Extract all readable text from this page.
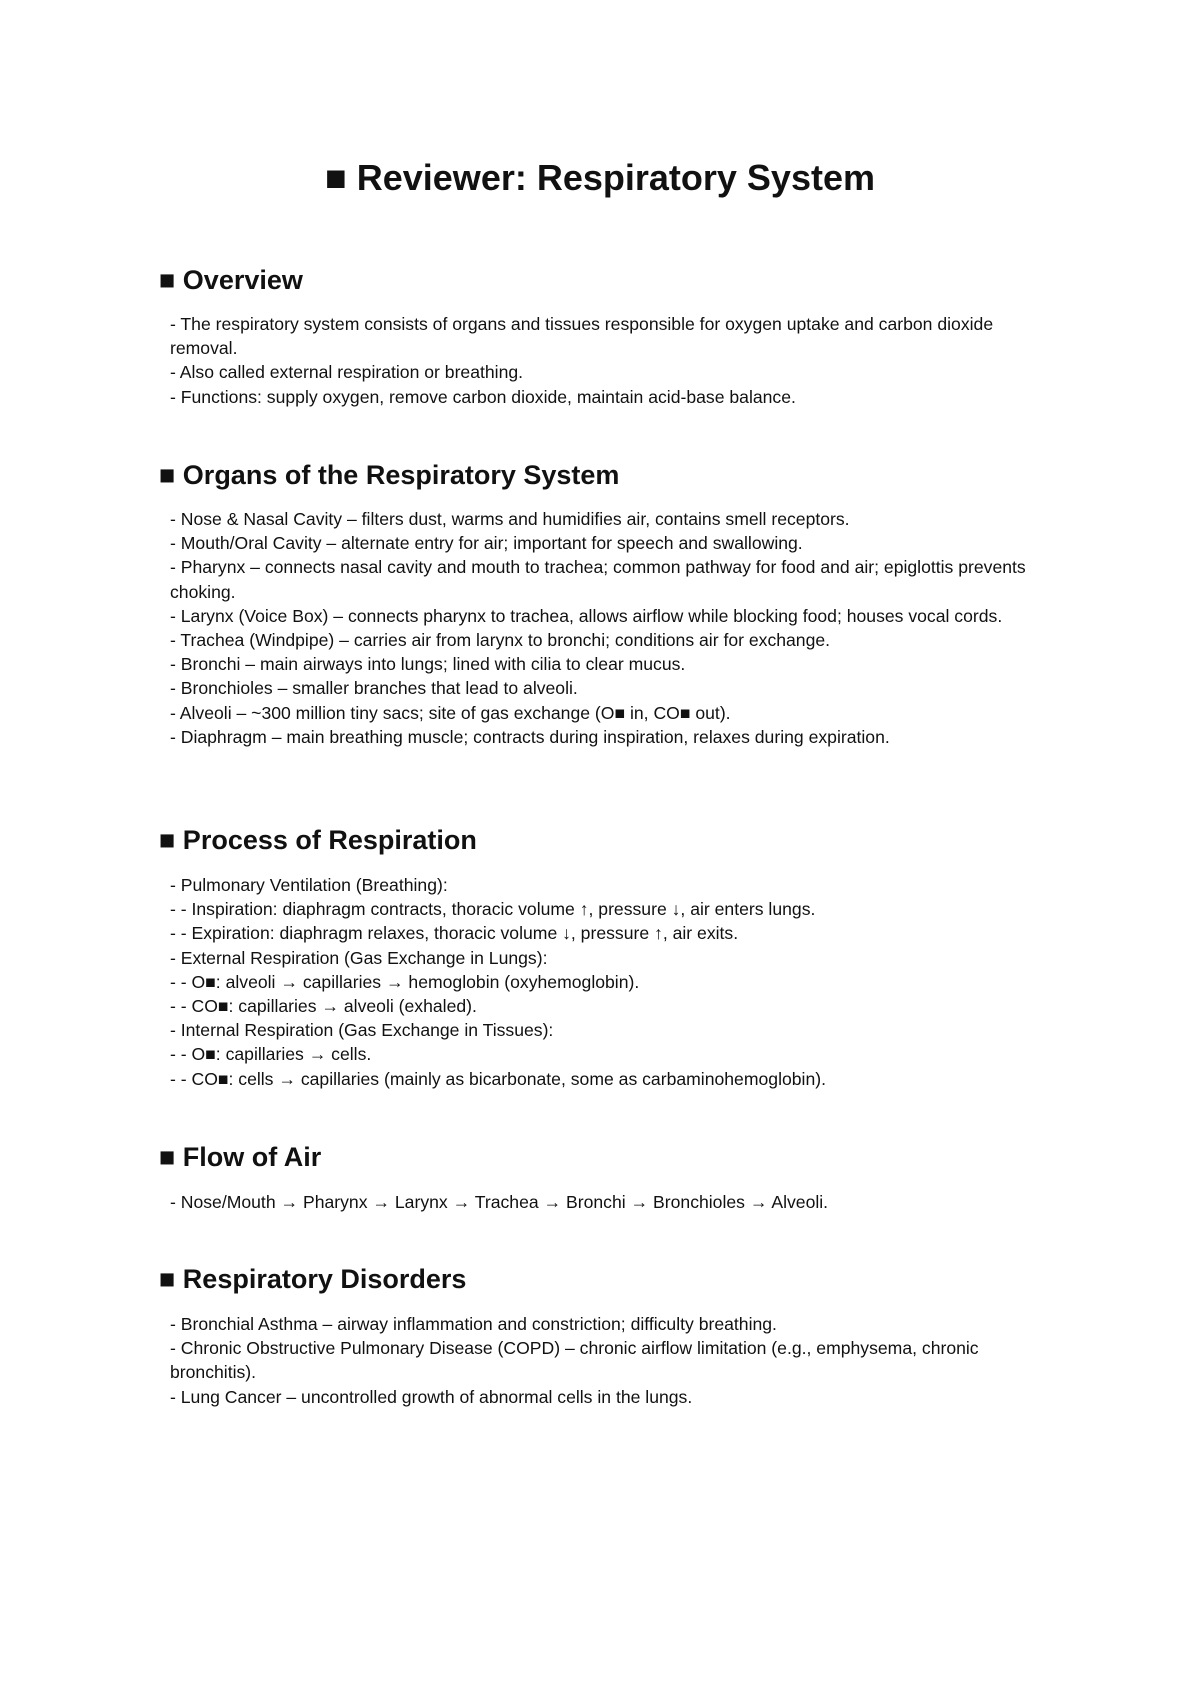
■ Reviewer: Respiratory System
■ Overview
- The respiratory system consists of organs and tissues responsible for oxygen uptake and carbon dioxide removal.
- Also called external respiration or breathing.
- Functions: supply oxygen, remove carbon dioxide, maintain acid-base balance.
■ Organs of the Respiratory System
- Nose & Nasal Cavity – filters dust, warms and humidifies air, contains smell receptors.
- Mouth/Oral Cavity – alternate entry for air; important for speech and swallowing.
- Pharynx – connects nasal cavity and mouth to trachea; common pathway for food and air; epiglottis prevents choking.
- Larynx (Voice Box) – connects pharynx to trachea, allows airflow while blocking food; houses vocal cords.
- Trachea (Windpipe) – carries air from larynx to bronchi; conditions air for exchange.
- Bronchi – main airways into lungs; lined with cilia to clear mucus.
- Bronchioles – smaller branches that lead to alveoli.
- Alveoli – ~300 million tiny sacs; site of gas exchange (O■ in, CO■ out).
- Diaphragm – main breathing muscle; contracts during inspiration, relaxes during expiration.
■ Process of Respiration
- Pulmonary Ventilation (Breathing):
- - Inspiration: diaphragm contracts, thoracic volume ↑, pressure ↓, air enters lungs.
- - Expiration: diaphragm relaxes, thoracic volume ↓, pressure ↑, air exits.
- External Respiration (Gas Exchange in Lungs):
- - O■: alveoli → capillaries → hemoglobin (oxyhemoglobin).
- - CO■: capillaries → alveoli (exhaled).
- Internal Respiration (Gas Exchange in Tissues):
- - O■: capillaries → cells.
- - CO■: cells → capillaries (mainly as bicarbonate, some as carbaminohemoglobin).
■ Flow of Air
- Nose/Mouth → Pharynx → Larynx → Trachea → Bronchi → Bronchioles → Alveoli.
■ Respiratory Disorders
- Bronchial Asthma – airway inflammation and constriction; difficulty breathing.
- Chronic Obstructive Pulmonary Disease (COPD) – chronic airflow limitation (e.g., emphysema, chronic bronchitis).
- Lung Cancer – uncontrolled growth of abnormal cells in the lungs.
